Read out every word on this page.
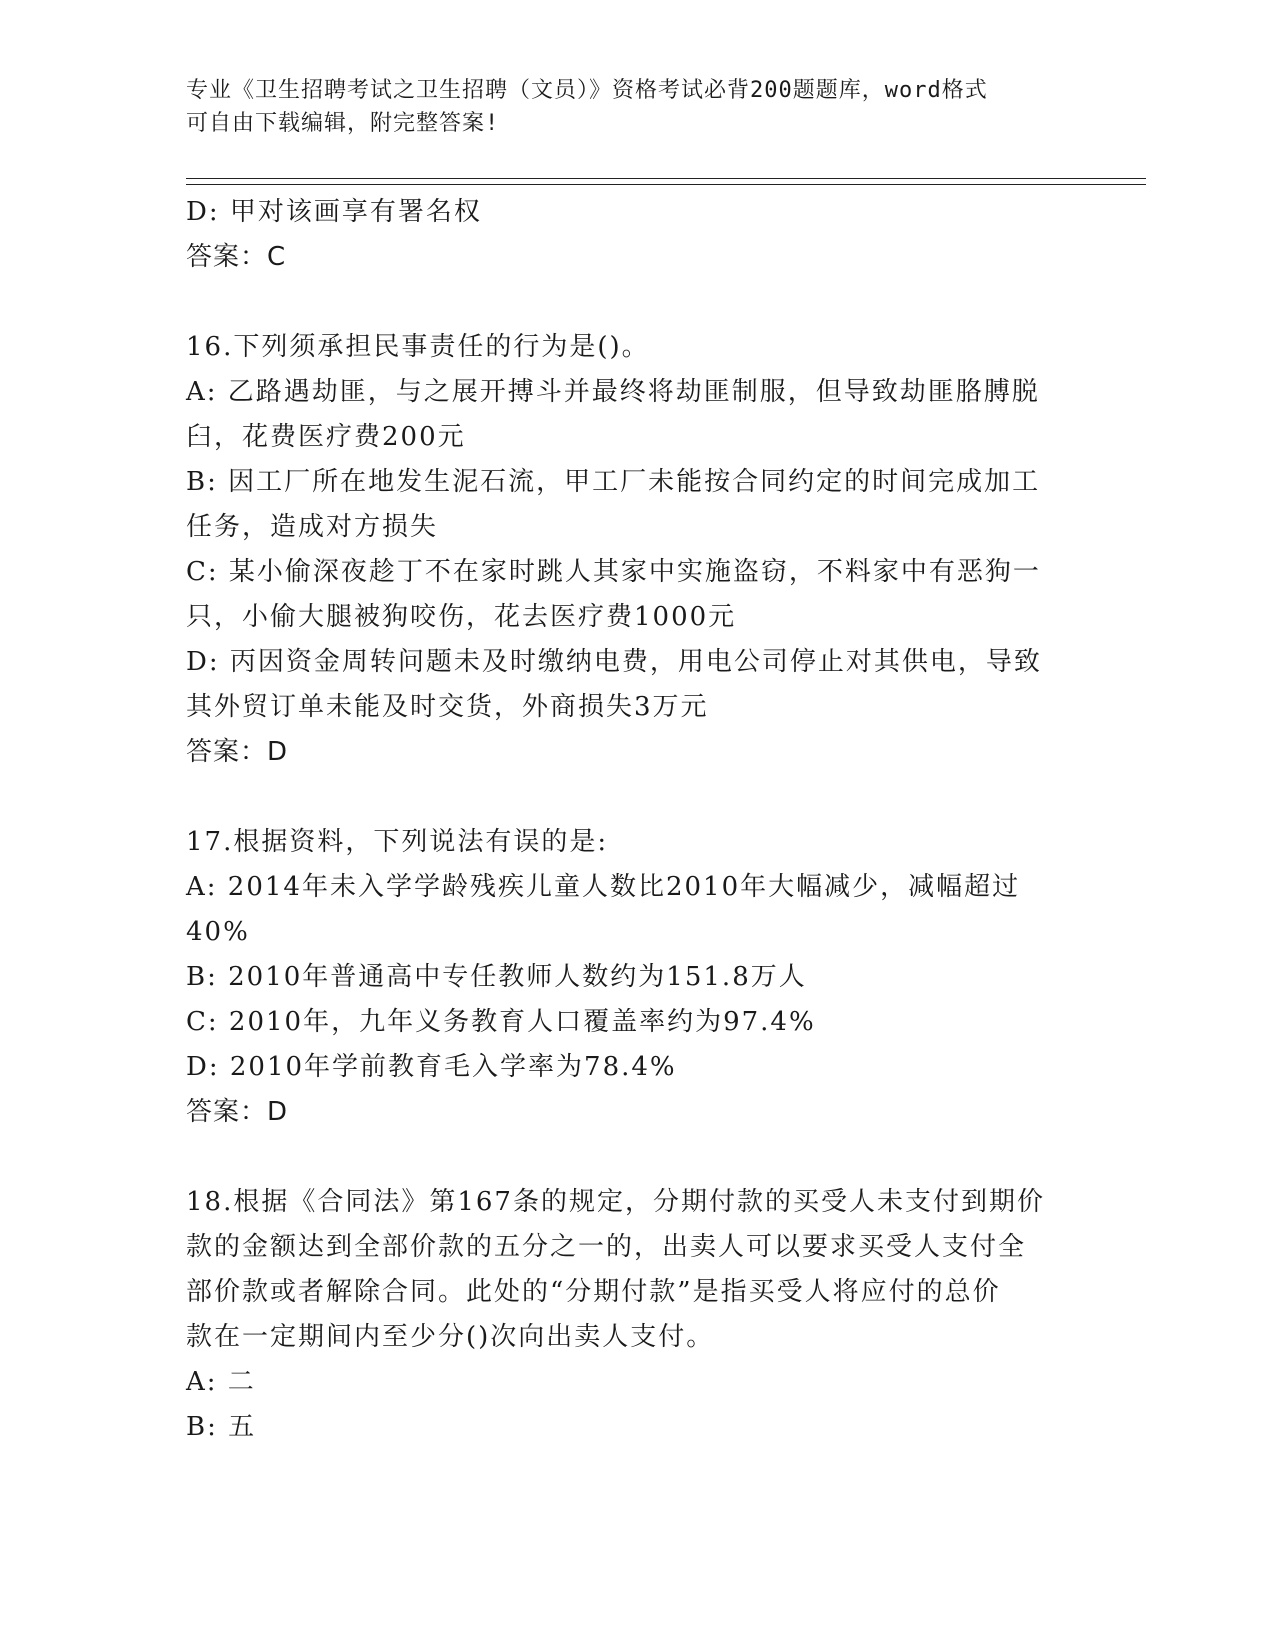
专业《卫生招聘考试之卫生招聘（文员）》资格考试必背200题题库，word格式
可自由下载编辑，附完整答案!

D: 甲对该画享有署名权

答案：C

16.下列须承担民事责任的行为是()。

A: 乙路遇劫匪，与之展开搏斗并最终将劫匪制服，但导致劫匪胳膊脱

臼，花费医疗费200元

B: 因工厂所在地发生泥石流，甲工厂未能按合同约定的时间完成加工

任务，造成对方损失

C: 某小偷深夜趁丁不在家时跳人其家中实施盗窃，不料家中有恶狗一

只，小偷大腿被狗咬伤，花去医疗费1000元

D: 丙因资金周转问题未及时缴纳电费，用电公司停止对其供电，导致

其外贸订单未能及时交货，外商损失3万元

答案：D

17.根据资料，下列说法有误的是:

A: 2014年未入学学龄残疾儿童人数比2010年大幅减少，减幅超过

40%

B: 2010年普通高中专任教师人数约为151.8万人

C: 2010年，九年义务教育人口覆盖率约为97.4%

D: 2010年学前教育毛入学率为78.4%

答案：D

18.根据《合同法》第167条的规定，分期付款的买受人未支付到期价

款的金额达到全部价款的五分之一的，出卖人可以要求买受人支付全

部价款或者解除合同。此处的“分期付款”是指买受人将应付的总价

款在一定期间内至少分()次向出卖人支付。

A: 二

B: 五
